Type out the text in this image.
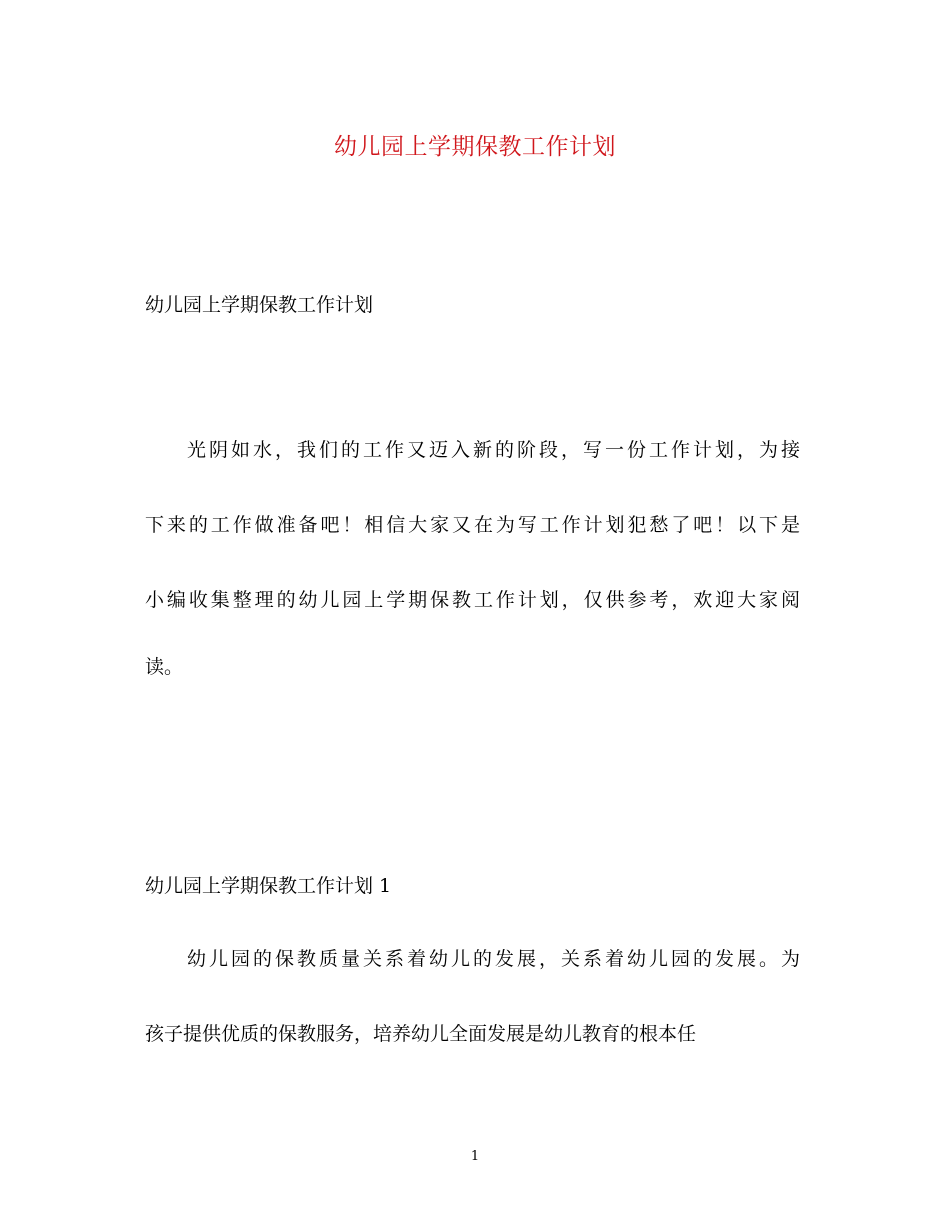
幼儿园上学期保教工作计划
幼儿园上学期保教工作计划
光阴如水，我们的工作又迈入新的阶段，写一份工作计划，为接
下来的工作做准备吧！相信大家又在为写工作计划犯愁了吧！以下是
小编收集整理的幼儿园上学期保教工作计划，仅供参考，欢迎大家阅
读。
幼儿园上学期保教工作计划 1
幼儿园的保教质量关系着幼儿的发展，关系着幼儿园的发展。为
孩子提供优质的保教服务，培养幼儿全面发展是幼儿教育的根本任
1
